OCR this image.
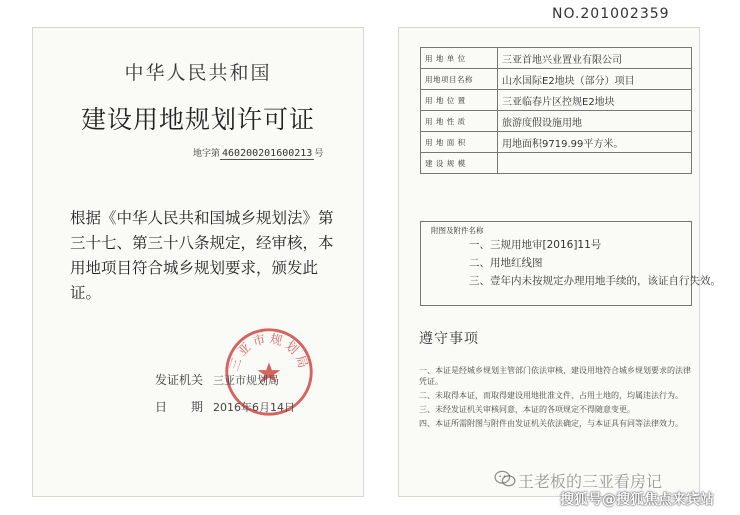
中华人民共和国
建设用地规划许可证
地字第 460200201600213 号
根据《中华人民共和国城乡规划法》第三十七、第三十八条规定，经审核，本用地项目符合城乡规划要求，颁发此证。
三亚市规划局
发证机关 三亚市规划局
日　　期 2016年6月14日
NO.201002359
用 地 单 位	三亚首地兴业置业有限公司
用地项目名称	山水国际E2地块（部分）项目
用 地 位 置	三亚临春片区控规E2地块
用 地 性 质	旅游度假设施用地
用 地 面 积	用地面积9719.99平方米。
建 设 规 模	
附图及附件名称
一、三规用地审[2016]11号
二、用地红线图
三、壹年内未按规定办理用地手续的，该证自行失效。
遵守事项
一、本证是经城乡规划主管部门依法审核，建设用地符合城乡规划要求的法律凭证。
二、未取得本证，而取得建设用地批准文件、占用土地的，均属违法行为。
三、未经发证机关审核同意，本证的各项规定不得随意变更。
四、本证所需附图与附件由发证机关依法确定，与本证具有同等法律效力。
王老板的三亚看房记
搜狐号@搜狐焦点来宾站
